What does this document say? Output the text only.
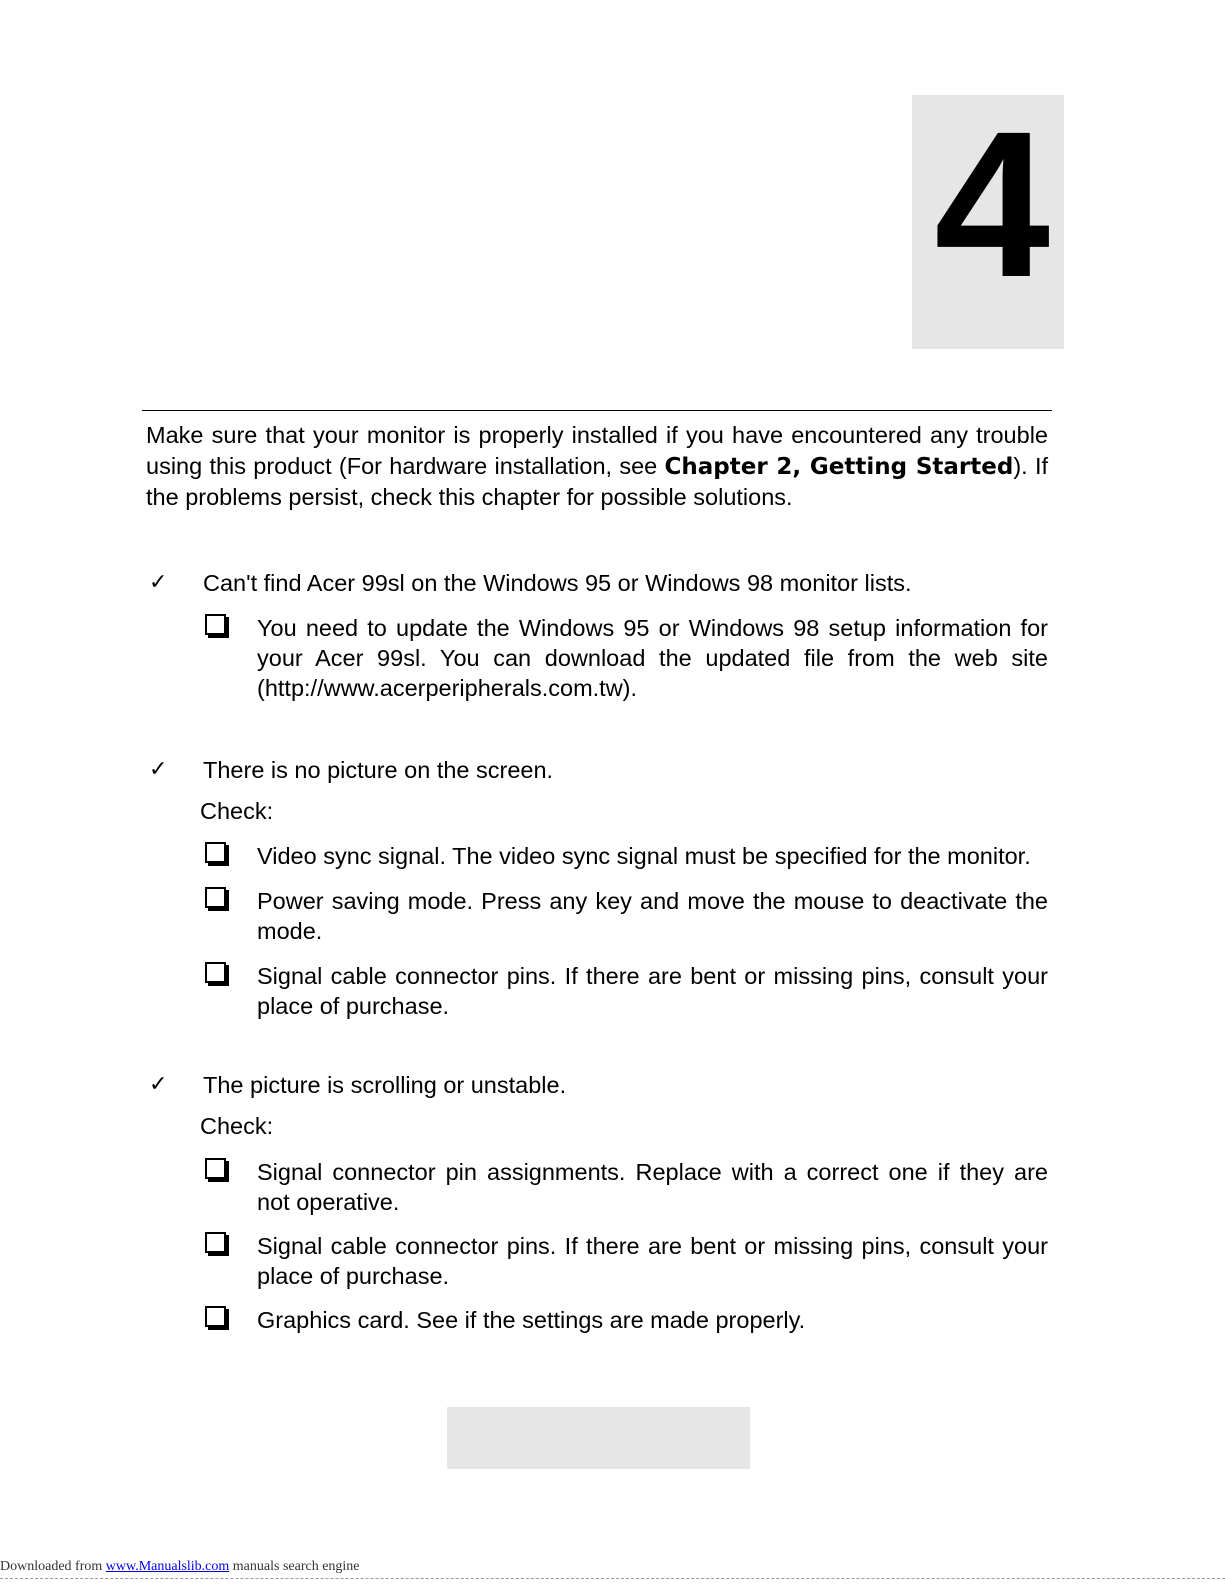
4

Make sure that your monitor is properly installed if you have encountered any trouble using this product (For hardware installation, see Chapter 2, Getting Started). If the problems persist, check this chapter for possible solutions.

✓ Can't find Acer 99sl on the Windows 95 or Windows 98 monitor lists.

You need to update the Windows 95 or Windows 98 setup information for your Acer 99sl. You can download the updated file from the web site (http://www.acerperipherals.com.tw).

✓ There is no picture on the screen.
Check:

Video sync signal. The video sync signal must be specified for the monitor.

Power saving mode. Press any key and move the mouse to deactivate the mode.

Signal cable connector pins. If there are bent or missing pins, consult your place of purchase.

✓ The picture is scrolling or unstable.
Check:

Signal connector pin assignments. Replace with a correct one if they are not operative.

Signal cable connector pins. If there are bent or missing pins, consult your place of purchase.

Graphics card. See if the settings are made properly.

Downloaded from www.Manualslib.com manuals search engine
